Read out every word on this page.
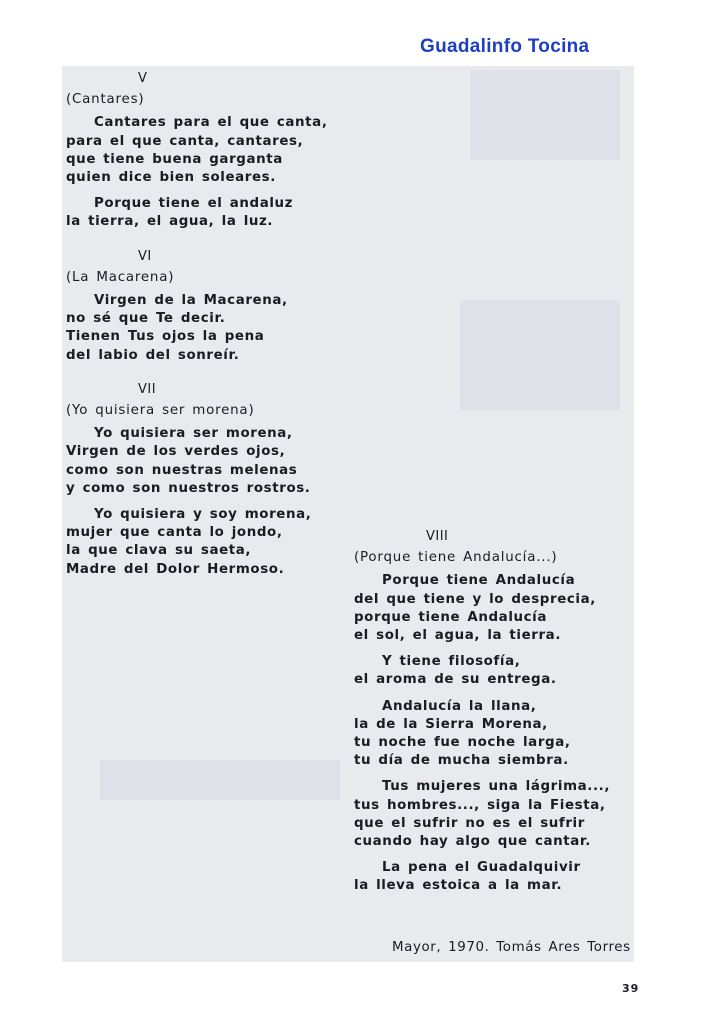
Guadalinfo Tocina
V
(Cantares)
Cantares para el que canta,
para el que canta, cantares,
que tiene buena garganta
quien dice bien soleares.
Porque tiene el andaluz
la tierra, el agua, la luz.
VI
(La Macarena)
Virgen de la Macarena,
no sé que Te decir.
Tienen Tus ojos la pena
del labio del sonreír.
VII
(Yo quisiera ser morena)
Yo quisiera ser morena,
Virgen de los verdes ojos,
como son nuestras melenas
y como son nuestros rostros.
Yo quisiera y soy morena,
mujer que canta lo jondo,
la que clava su saeta,
Madre del Dolor Hermoso.
VIII
(Porque tiene Andalucía...)
Porque tiene Andalucía
del que tiene y lo desprecia,
porque tiene Andalucía
el sol, el agua, la tierra.
Y tiene filosofía,
el aroma de su entrega.
Andalucía la llana,
la de la Sierra Morena,
tu noche fue noche larga,
tu día de mucha siembra.
Tus mujeres una lágrima...,
tus hombres..., siga la Fiesta,
que el sufrir no es el sufrir
cuando hay algo que cantar.
La pena el Guadalquivir
la lleva estoica a la mar.
Mayor, 1970. Tomás Ares Torres
39
